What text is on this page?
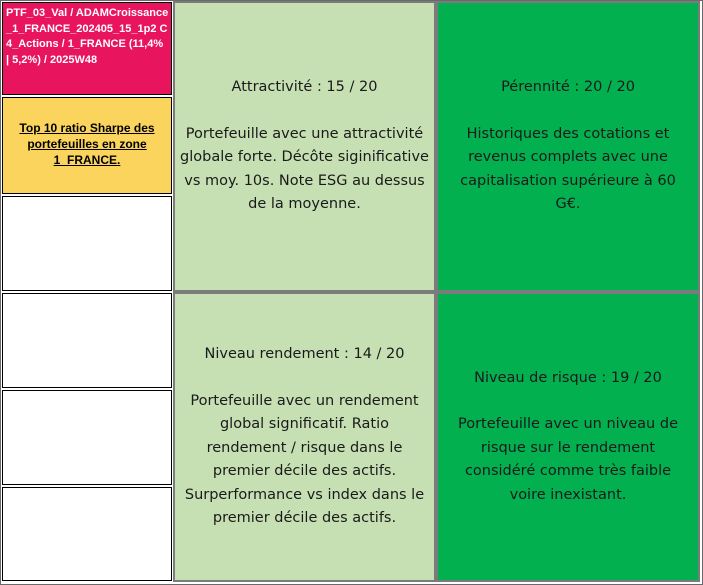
PTF_03_Val / ADAMCroissance_1_FRANCE_202405_15_1p2 C4_Actions / 1_FRANCE (11,4% | 5,2%) / 2025W48
Top 10 ratio Sharpe des portefeuilles en zone 1_FRANCE.
Attractivité : 15 / 20
Portefeuille avec une attractivité globale forte. Décôte siginificative vs moy. 10s. Note ESG au dessus de la moyenne.
Pérennité : 20 / 20
Historiques des cotations et revenus complets avec une capitalisation supérieure à 60 G€.
Niveau rendement : 14 / 20
Portefeuille avec un rendement global significatif. Ratio rendement / risque dans le premier décile des actifs. Surperformance vs index dans le premier décile des actifs.
Niveau de risque : 19 / 20
Portefeuille avec un niveau de risque sur le rendement considéré comme très faible voire inexistant.
